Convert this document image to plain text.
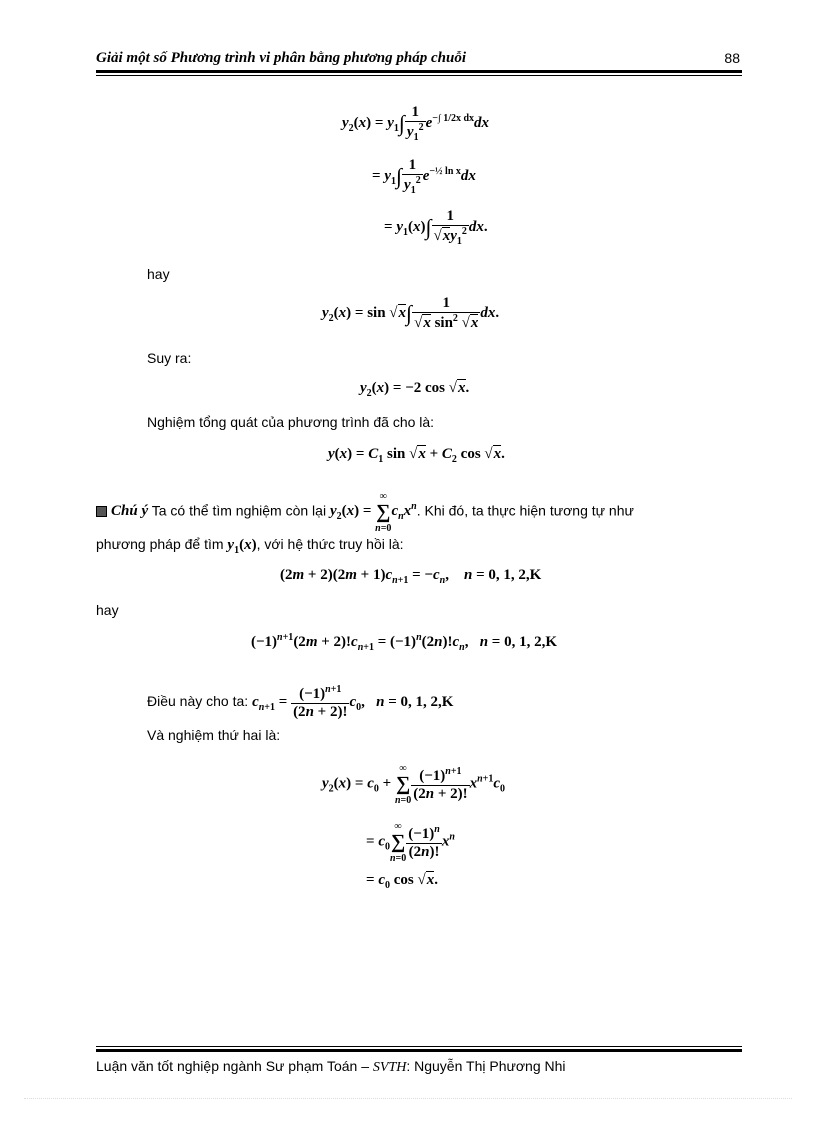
Giải một số Phương trình vi phân bằng phương pháp chuỗi	88
$y_2(x) = y_1\int \frac{1}{y_1^2} e^{-\int 1/2x dx}dx$
= $y_1\int \frac{1}{y_1^2} e^{-\frac{1}{2} ln x}dx$
= $y_1(x)\int \frac{1}{√xy_1^2}$ dx.
hay
$y_2(x) = \sin √x\int \frac{1}{√x \sin^2 √x}$ dx.
Suy ra:
$y_2(x) = -2$ cos √x.
Nghiệm tổng quát của phương trình đã cho là:
$y(x) = C_1$ $\sin √x + C_2$ cos √x.
Chú ý Ta có thể tìm nghiệm còn lại $y_2(x)$ = ∞
∑
$n=0c_nx^n$. Khi đó, ta thực hiện tương tự như
phương pháp để tìm $y_1(x)$, với hệ thức truy hồi là:
$(2m + 2)(2m + 1)c_{n+1} = -c_n$,    n = 0, 1, 2,K
hay
$(-1)^{n+1}(2m + 2)!c_{n+1} = (-1)^n(2n)!c_n$,   n = 0, 1, 2,K
Điều này cho ta: $c_{n+1} = \frac{(-1)^{n+1}}{(2n + 2)!} c_0$,   n = 0, 1, 2,K
Và nghiệm thứ hai là:
$y_2(x) = c_0$ + ∞
∑
$n=0 \frac{(-1)^{n+1}}{(2n + 2)!} x^{n+1}c_0$
= $c_0\infty$
∑
$n=0 \frac{(-1)^n}{(2n)!} x^n$
= $c_0$ cos √x.
Luận văn tốt nghiệp ngành Sư phạm Toán – SVTH: Nguyễn Thị Phương Nhi
